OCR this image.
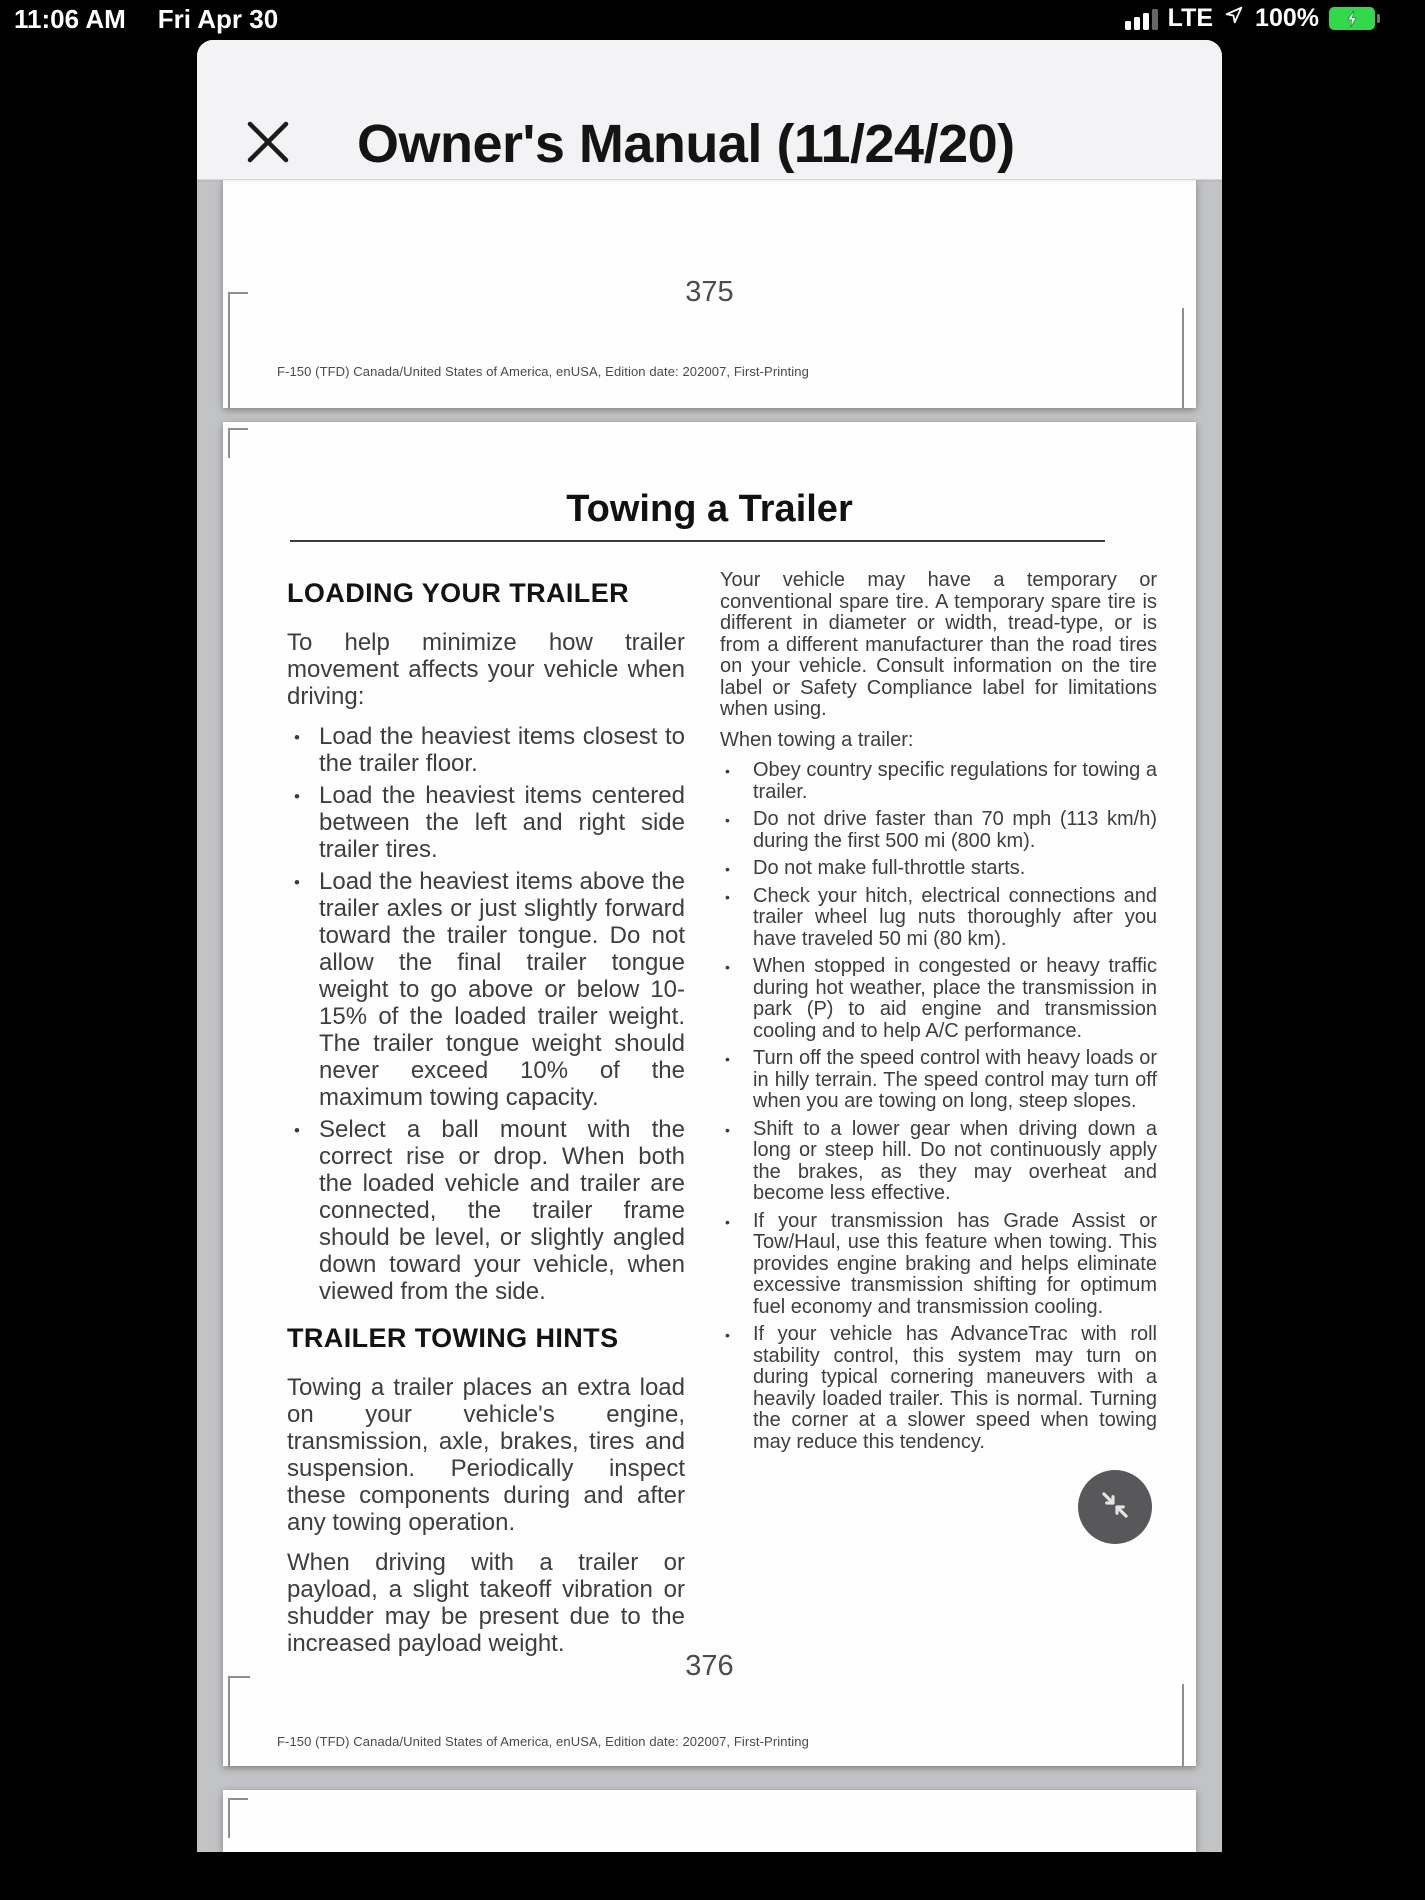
11:06 AM Fri Apr 30	LTE 100%
Owner's Manual (11/24/20)
375
F-150 (TFD) Canada/United States of America, enUSA, Edition date: 202007, First-Printing
Towing a Trailer
LOADING YOUR TRAILER

To help minimize how trailer movement affects your vehicle when driving:

• Load the heaviest items closest to the trailer floor.
• Load the heaviest items centered between the left and right side trailer tires.
• Load the heaviest items above the trailer axles or just slightly forward toward the trailer tongue. Do not allow the final trailer tongue weight to go above or below 10-15% of the loaded trailer weight. The trailer tongue weight should never exceed 10% of the maximum towing capacity.
• Select a ball mount with the correct rise or drop. When both the loaded vehicle and trailer are connected, the trailer frame should be level, or slightly angled down toward your vehicle, when viewed from the side.
TRAILER TOWING HINTS

Towing a trailer places an extra load on your vehicle's engine, transmission, axle, brakes, tires and suspension. Periodically inspect these components during and after any towing operation.

When driving with a trailer or payload, a slight takeoff vibration or shudder may be present due to the increased payload weight.

Your vehicle may have a temporary or conventional spare tire. A temporary spare tire is different in diameter or width, tread-type, or is from a different manufacturer than the road tires on your vehicle. Consult information on the tire label or Safety Compliance label for limitations when using.

When towing a trailer:

• Obey country specific regulations for towing a trailer.
• Do not drive faster than 70 mph (113 km/h) during the first 500 mi (800 km).
• Do not make full-throttle starts.
• Check your hitch, electrical connections and trailer wheel lug nuts thoroughly after you have traveled 50 mi (80 km).
• When stopped in congested or heavy traffic during hot weather, place the transmission in park (P) to aid engine and transmission cooling and to help A/C performance.
• Turn off the speed control with heavy loads or in hilly terrain. The speed control may turn off when you are towing on long, steep slopes.
• Shift to a lower gear when driving down a long or steep hill. Do not continuously apply the brakes, as they may overheat and become less effective.
• If your transmission has Grade Assist or Tow/Haul, use this feature when towing. This provides engine braking and helps eliminate excessive transmission shifting for optimum fuel economy and transmission cooling.
• If your vehicle has AdvanceTrac with roll stability control, this system may turn on during typical cornering maneuvers with a heavily loaded trailer. This is normal. Turning the corner at a slower speed when towing may reduce this tendency.
376
F-150 (TFD) Canada/United States of America, enUSA, Edition date: 202007, First-Printing
